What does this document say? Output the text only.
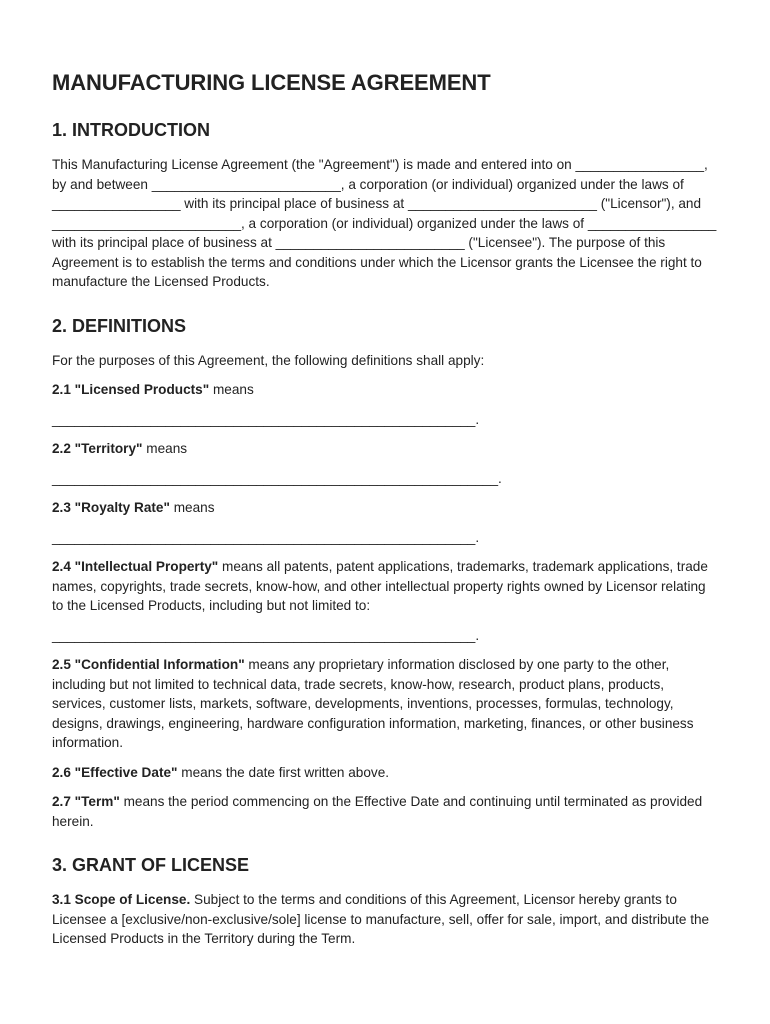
MANUFACTURING LICENSE AGREEMENT
1. INTRODUCTION

This Manufacturing License Agreement (the "Agreement") is made and entered into on _________________, by and between _________________________, a corporation (or individual) organized under the laws of _________________ with its principal place of business at _________________________ ("Licensor"), and _________________________, a corporation (or individual) organized under the laws of _________________ with its principal place of business at _________________________ ("Licensee"). The purpose of this Agreement is to establish the terms and conditions under which the Licensor grants the Licensee the right to manufacture the Licensed Products.

2. DEFINITIONS

For the purposes of this Agreement, the following definitions shall apply:

2.1 "Licensed Products" means

________________________________________________________.

2.2 "Territory" means

___________________________________________________________.

2.3 "Royalty Rate" means

________________________________________________________.

2.4 "Intellectual Property" means all patents, patent applications, trademarks, trademark applications, trade names, copyrights, trade secrets, know-how, and other intellectual property rights owned by Licensor relating to the Licensed Products, including but not limited to:

________________________________________________________.

2.5 "Confidential Information" means any proprietary information disclosed by one party to the other, including but not limited to technical data, trade secrets, know-how, research, product plans, products, services, customer lists, markets, software, developments, inventions, processes, formulas, technology, designs, drawings, engineering, hardware configuration information, marketing, finances, or other business information.

2.6 "Effective Date" means the date first written above.

2.7 "Term" means the period commencing on the Effective Date and continuing until terminated as provided herein.

3. GRANT OF LICENSE

3.1 Scope of License. Subject to the terms and conditions of this Agreement, Licensor hereby grants to Licensee a [exclusive/non-exclusive/sole] license to manufacture, sell, offer for sale, import, and distribute the Licensed Products in the Territory during the Term.
